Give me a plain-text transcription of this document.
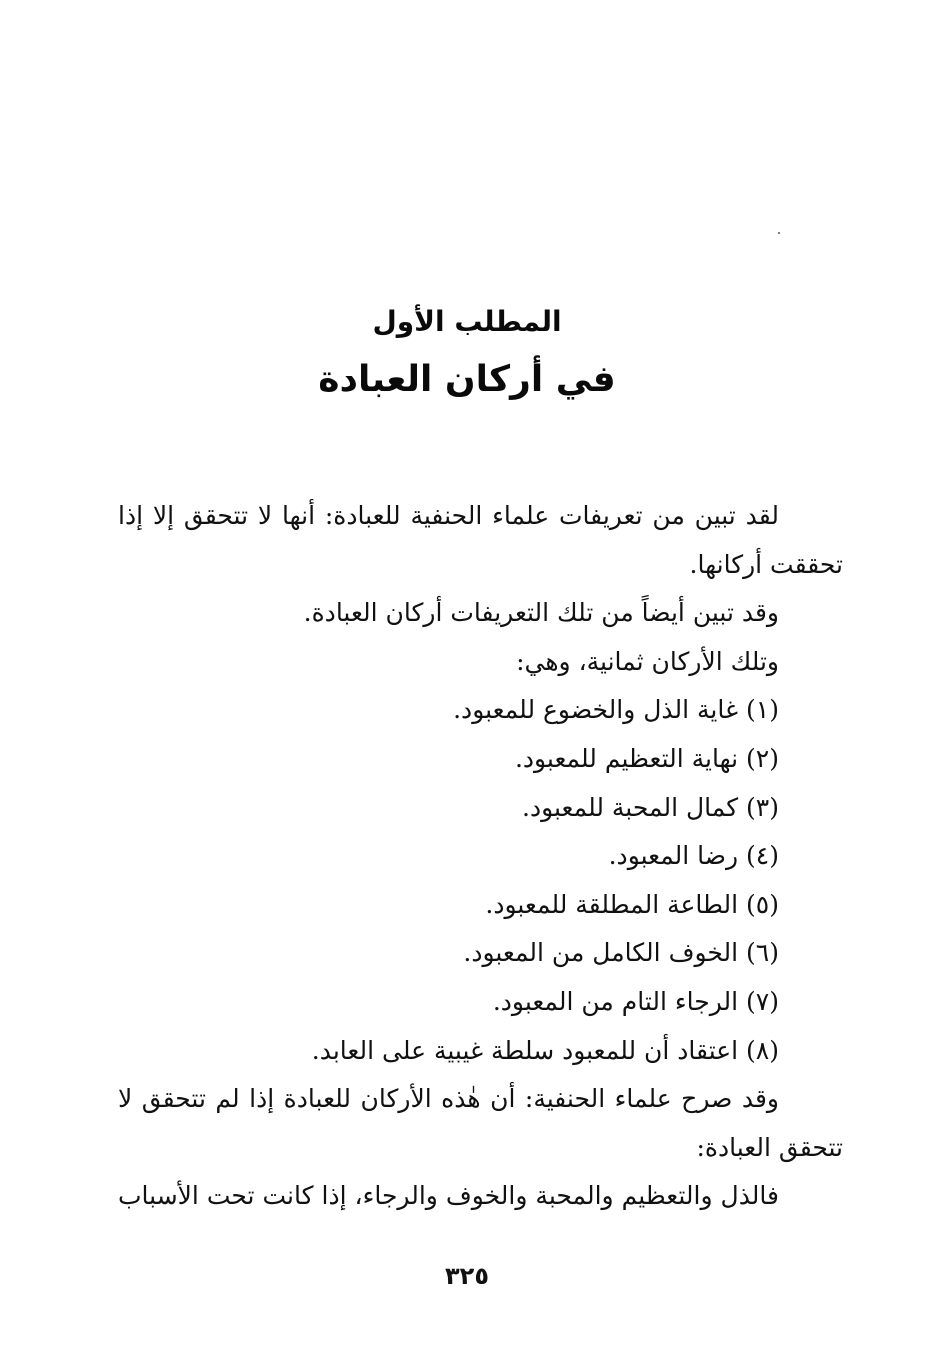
المطلب الأول
في أركان العبادة
لقد تبين من تعريفات علماء الحنفية للعبادة: أنها لا تتحقق إلا إذا
تحققت أركانها.
وقد تبين أيضاً من تلك التعريفات أركان العبادة.
وتلك الأركان ثمانية، وهي:
(١) غاية الذل والخضوع للمعبود.
(٢) نهاية التعظيم للمعبود.
(٣) كمال المحبة للمعبود.
(٤) رضا المعبود.
(٥) الطاعة المطلقة للمعبود.
(٦) الخوف الكامل من المعبود.
(٧) الرجاء التام من المعبود.
(٨) اعتقاد أن للمعبود سلطة غيبية على العابد.
وقد صرح علماء الحنفية: أن هٰذه الأركان للعبادة إذا لم تتحقق لا
تتحقق العبادة:
فالذل والتعظيم والمحبة والخوف والرجاء، إذا كانت تحت الأسباب
٣٢٥
